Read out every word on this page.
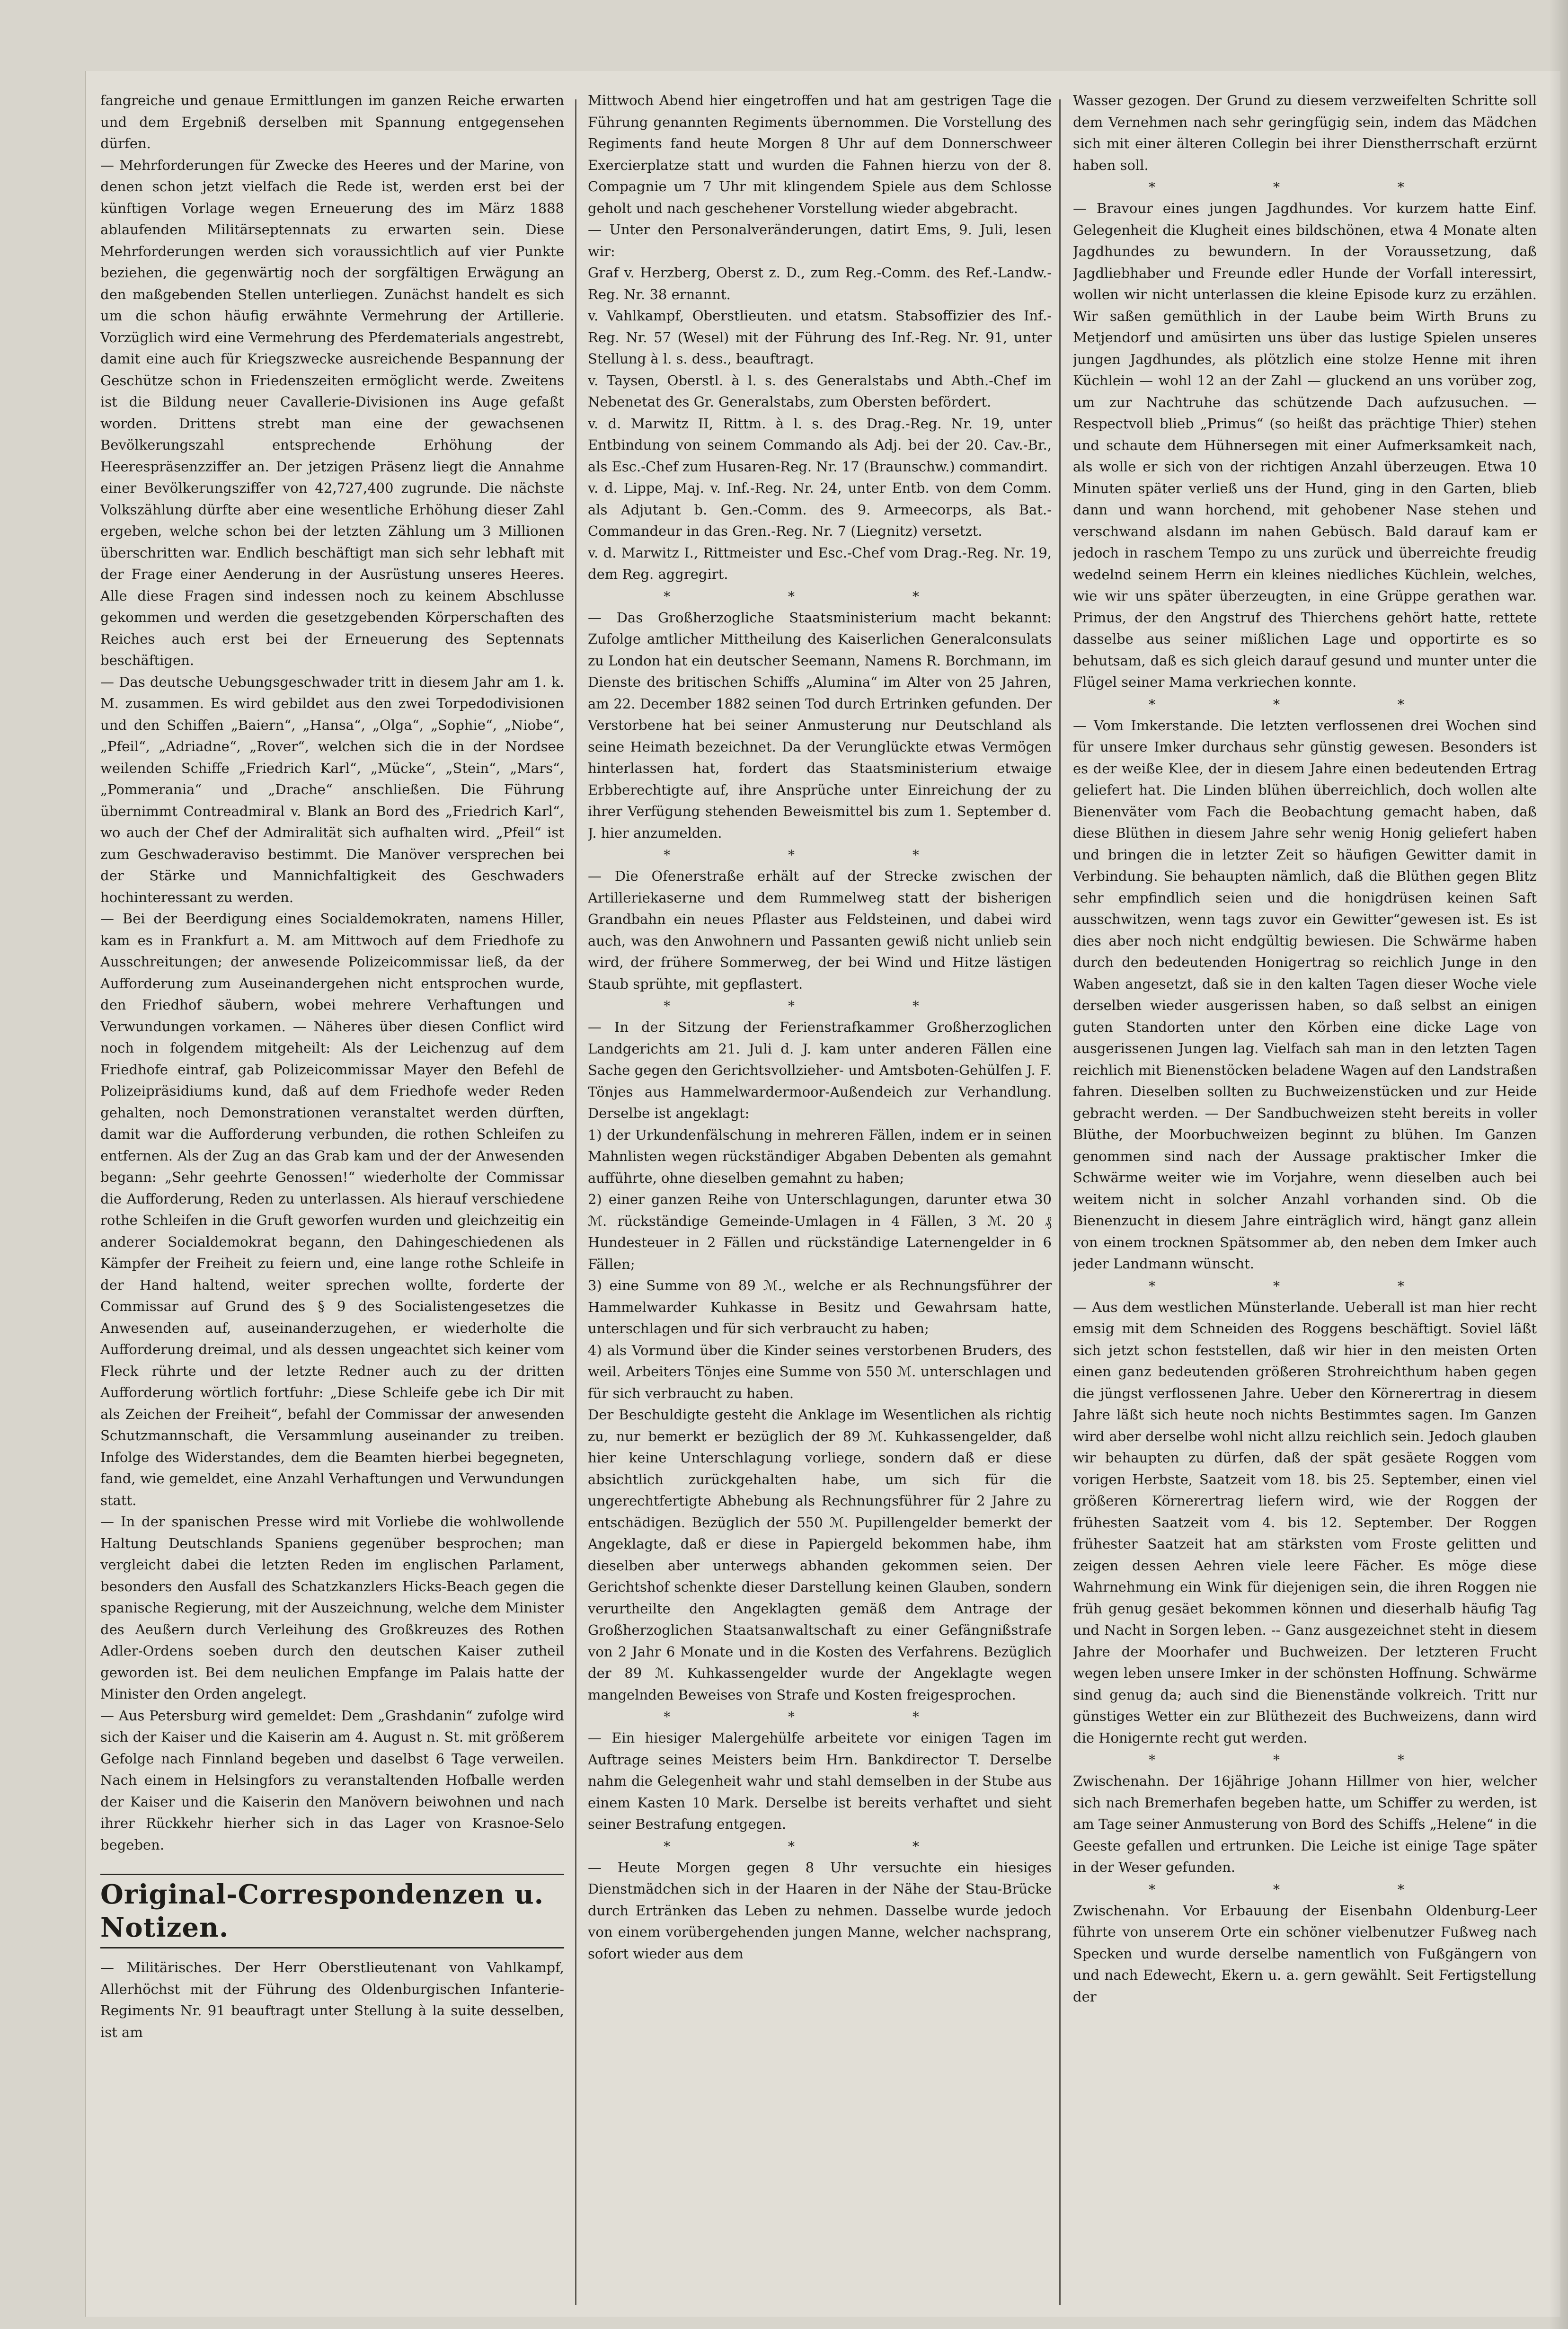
fangreiche und genaue Ermittlungen im ganzen Reiche erwarten und dem Ergebniß derselben mit Spannung entgegensehen dürfen.

— Mehrforderungen für Zwecke des Heeres und der Marine, von denen schon jetzt vielfach die Rede ist, werden erst bei der künftigen Vorlage wegen Erneuerung des im März 1888 ablaufenden Militärseptennats zu erwarten sein. Diese Mehrforderungen werden sich voraussichtlich auf vier Punkte beziehen, die gegenwärtig noch der sorgfältigen Erwägung an den maßgebenden Stellen unterliegen. Zunächst handelt es sich um die schon häufig erwähnte Vermehrung der Artillerie. Vorzüglich wird eine Vermehrung des Pferdematerials angestrebt, damit eine auch für Kriegszwecke ausreichende Bespannung der Geschütze schon in Friedenszeiten ermöglicht werde. Zweitens ist die Bildung neuer Cavallerie-Divisionen ins Auge gefaßt worden. Drittens strebt man eine der gewachsenen Bevölkerungszahl entsprechende Erhöhung der Heerespräsenzziffer an. Der jetzigen Präsenz liegt die Annahme einer Bevölkerungsziffer von 42,727,400 zugrunde. Die nächste Volkszählung dürfte aber eine wesentliche Erhöhung dieser Zahl ergeben, welche schon bei der letzten Zählung um 3 Millionen überschritten war. Endlich beschäftigt man sich sehr lebhaft mit der Frage einer Aenderung in der Ausrüstung unseres Heeres. Alle diese Fragen sind indessen noch zu keinem Abschlusse gekommen und werden die gesetzgebenden Körperschaften des Reiches auch erst bei der Erneuerung des Septennats beschäftigen.

— Das deutsche Uebungsgeschwader tritt in diesem Jahr am 1. k. M. zusammen. Es wird gebildet aus den zwei Torpedodivisionen und den Schiffen „Baiern“, „Hansa“, „Olga“, „Sophie“, „Niobe“, „Pfeil“, „Adriadne“, „Rover“, welchen sich die in der Nordsee weilenden Schiffe „Friedrich Karl“, „Mücke“, „Stein“, „Mars“, „Pommerania“ und „Drache“ anschließen. Die Führung übernimmt Contreadmiral v. Blank an Bord des „Friedrich Karl“, wo auch der Chef der Admiralität sich aufhalten wird. „Pfeil“ ist zum Geschwaderaviso bestimmt. Die Manöver versprechen bei der Stärke und Mannichfaltigkeit des Geschwaders hochinteressant zu werden.

— Bei der Beerdigung eines Socialdemokraten, namens Hiller, kam es in Frankfurt a. M. am Mittwoch auf dem Friedhofe zu Ausschreitungen; der anwesende Polizeicommissar ließ, da der Aufforderung zum Auseinandergehen nicht entsprochen wurde, den Friedhof säubern, wobei mehrere Verhaftungen und Verwundungen vorkamen. — Näheres über diesen Conflict wird noch in folgendem mitgeheilt: Als der Leichenzug auf dem Friedhofe eintraf, gab Polizeicommissar Mayer den Befehl de Polizeipräsidiums kund, daß auf dem Friedhofe weder Reden gehalten, noch Demonstrationen veranstaltet werden dürften, damit war die Aufforderung verbunden, die rothen Schleifen zu entfernen. Als der Zug an das Grab kam und der der Anwesenden begann: „Sehr geehrte Genossen!“ wiederholte der Commissar die Aufforderung, Reden zu unterlassen. Als hierauf verschiedene rothe Schleifen in die Gruft geworfen wurden und gleichzeitig ein anderer Socialdemokrat begann, den Dahingeschiedenen als Kämpfer der Freiheit zu feiern und, eine lange rothe Schleife in der Hand haltend, weiter sprechen wollte, forderte der Commissar auf Grund des § 9 des Socialistengesetzes die Anwesenden auf, auseinanderzugehen, er wiederholte die Aufforderung dreimal, und als dessen ungeachtet sich keiner vom Fleck rührte und der letzte Redner auch zu der dritten Aufforderung wörtlich fortfuhr: „Diese Schleife gebe ich Dir mit als Zeichen der Freiheit“, befahl der Commissar der anwesenden Schutzmannschaft, die Versammlung auseinander zu treiben. Infolge des Widerstandes, dem die Beamten hierbei begegneten, fand, wie gemeldet, eine Anzahl Verhaftungen und Verwundungen statt.

— In der spanischen Presse wird mit Vorliebe die wohlwollende Haltung Deutschlands Spaniens gegenüber besprochen; man vergleicht dabei die letzten Reden im englischen Parlament, besonders den Ausfall des Schatzkanzlers Hicks-Beach gegen die spanische Regierung, mit der Auszeichnung, welche dem Minister des Aeußern durch Verleihung des Großkreuzes des Rothen Adler-Ordens soeben durch den deutschen Kaiser zutheil geworden ist. Bei dem neulichen Empfange im Palais hatte der Minister den Orden angelegt.

— Aus Petersburg wird gemeldet: Dem „Grashdanin“ zufolge wird sich der Kaiser und die Kaiserin am 4. August n. St. mit größerem Gefolge nach Finnland begeben und daselbst 6 Tage verweilen. Nach einem in Helsingfors zu veranstaltenden Hofballe werden der Kaiser und die Kaiserin den Manövern beiwohnen und nach ihrer Rückkehr hierher sich in das Lager von Krasnoe-Selo begeben.

Original-Correspondenzen u. Notizen.

— Militärisches. Der Herr Oberstlieutenant von Vahlkampf, Allerhöchst mit der Führung des Oldenburgischen Infanterie-Regiments Nr. 91 beauftragt unter Stellung à la suite desselben, ist am

Mittwoch Abend hier eingetroffen und hat am gestrigen Tage die Führung genannten Regiments übernommen. Die Vorstellung des Regiments fand heute Morgen 8 Uhr auf dem Donnerschweer Exercierplatze statt und wurden die Fahnen hierzu von der 8. Compagnie um 7 Uhr mit klingendem Spiele aus dem Schlosse geholt und nach geschehener Vorstellung wieder abgebracht.

— Unter den Personalveränderungen, datirt Ems, 9. Juli, lesen wir:

Graf v. Herzberg, Oberst z. D., zum Reg.-Comm. des Ref.-Landw.-Reg. Nr. 38 ernannt.

v. Vahlkampf, Oberstlieuten. und etatsm. Stabsoffizier des Inf.-Reg. Nr. 57 (Wesel) mit der Führung des Inf.-Reg. Nr. 91, unter Stellung à l. s. dess., beauftragt.

v. Taysen, Oberstl. à l. s. des Generalstabs und Abth.-Chef im Nebenetat des Gr. Generalstabs, zum Obersten befördert.

v. d. Marwitz II, Rittm. à l. s. des Drag.-Reg. Nr. 19, unter Entbindung von seinem Commando als Adj. bei der 20. Cav.-Br., als Esc.-Chef zum Husaren-Reg. Nr. 17 (Braunschw.) commandirt.

v. d. Lippe, Maj. v. Inf.-Reg. Nr. 24, unter Entb. von dem Comm. als Adjutant b. Gen.-Comm. des 9. Armeecorps, als Bat.-Commandeur in das Gren.-Reg. Nr. 7 (Liegnitz) versetzt.

v. d. Marwitz I., Rittmeister und Esc.-Chef vom Drag.-Reg. Nr. 19, dem Reg. aggregirt.

* * *

— Das Großherzogliche Staatsministerium macht bekannt: Zufolge amtlicher Mittheilung des Kaiserlichen Generalconsulats zu London hat ein deutscher Seemann, Namens R. Borchmann, im Dienste des britischen Schiffs „Alumina“ im Alter von 25 Jahren, am 22. December 1882 seinen Tod durch Ertrinken gefunden. Der Verstorbene hat bei seiner Anmusterung nur Deutschland als seine Heimath bezeichnet. Da der Verunglückte etwas Vermögen hinterlassen hat, fordert das Staatsministerium etwaige Erbberechtigte auf, ihre Ansprüche unter Einreichung der zu ihrer Verfügung stehenden Beweismittel bis zum 1. September d. J. hier anzumelden.

* * *

— Die Ofenerstraße erhält auf der Strecke zwischen der Artilleriekaserne und dem Rummelweg statt der bisherigen Grandbahn ein neues Pflaster aus Feldsteinen, und dabei wird auch, was den Anwohnern und Passanten gewiß nicht unlieb sein wird, der frühere Sommerweg, der bei Wind und Hitze lästigen Staub sprühte, mit gepflastert.

* * *

— In der Sitzung der Ferienstrafkammer Großherzoglichen Landgerichts am 21. Juli d. J. kam unter anderen Fällen eine Sache gegen den Gerichtsvollzieher- und Amtsboten-Gehülfen J. F. Tönjes aus Hammelwardermoor-Außendeich zur Verhandlung. Derselbe ist angeklagt:

1) der Urkundenfälschung in mehreren Fällen, indem er in seinen Mahnlisten wegen rückständiger Abgaben Debenten als gemahnt aufführte, ohne dieselben gemahnt zu haben;

2) einer ganzen Reihe von Unterschlagungen, darunter etwa 30 ℳ. rückständige Gemeinde-Umlagen in 4 Fällen, 3 ℳ. 20 ₰ Hundesteuer in 2 Fällen und rückständige Laternengelder in 6 Fällen;

3) eine Summe von 89 ℳ., welche er als Rechnungsführer der Hammelwarder Kuhkasse in Besitz und Gewahrsam hatte, unterschlagen und für sich verbraucht zu haben;

4) als Vormund über die Kinder seines verstorbenen Bruders, des weil. Arbeiters Tönjes eine Summe von 550 ℳ. unterschlagen und für sich verbraucht zu haben.

Der Beschuldigte gesteht die Anklage im Wesentlichen als richtig zu, nur bemerkt er bezüglich der 89 ℳ. Kuhkassengelder, daß hier keine Unterschlagung vorliege, sondern daß er diese absichtlich zurückgehalten habe, um sich für die ungerechtfertigte Abhebung als Rechnungsführer für 2 Jahre zu entschädigen. Bezüglich der 550 ℳ. Pupillengelder bemerkt der Angeklagte, daß er diese in Papiergeld bekommen habe, ihm dieselben aber unterwegs abhanden gekommen seien. Der Gerichtshof schenkte dieser Darstellung keinen Glauben, sondern verurtheilte den Angeklagten gemäß dem Antrage der Großherzoglichen Staatsanwaltschaft zu einer Gefängnißstrafe von 2 Jahr 6 Monate und in die Kosten des Verfahrens. Bezüglich der 89 ℳ. Kuhkassengelder wurde der Angeklagte wegen mangelnden Beweises von Strafe und Kosten freigesprochen.

* * *

— Ein hiesiger Malergehülfe arbeitete vor einigen Tagen im Auftrage seines Meisters beim Hrn. Bankdirector T. Derselbe nahm die Gelegenheit wahr und stahl demselben in der Stube aus einem Kasten 10 Mark. Derselbe ist bereits verhaftet und sieht seiner Bestrafung entgegen.

* * *

— Heute Morgen gegen 8 Uhr versuchte ein hiesiges Dienstmädchen sich in der Haaren in der Nähe der Stau-Brücke durch Ertränken das Leben zu nehmen. Dasselbe wurde jedoch von einem vorübergehenden jungen Manne, welcher nachsprang, sofort wieder aus dem

Wasser gezogen. Der Grund zu diesem verzweifelten Schritte soll dem Vernehmen nach sehr geringfügig sein, indem das Mädchen sich mit einer älteren Collegin bei ihrer Dienstherrschaft erzürnt haben soll.

* * *

— Bravour eines jungen Jagdhundes. Vor kurzem hatte Einf. Gelegenheit die Klugheit eines bildschönen, etwa 4 Monate alten Jagdhundes zu bewundern. In der Voraussetzung, daß Jagdliebhaber und Freunde edler Hunde der Vorfall interessirt, wollen wir nicht unterlassen die kleine Episode kurz zu erzählen. Wir saßen gemüthlich in der Laube beim Wirth Bruns zu Metjendorf und amüsirten uns über das lustige Spielen unseres jungen Jagdhundes, als plötzlich eine stolze Henne mit ihren Küchlein — wohl 12 an der Zahl — gluckend an uns vorüber zog, um zur Nachtruhe das schützende Dach aufzusuchen. — Respectvoll blieb „Primus“ (so heißt das prächtige Thier) stehen und schaute dem Hühnersegen mit einer Aufmerksamkeit nach, als wolle er sich von der richtigen Anzahl überzeugen. Etwa 10 Minuten später verließ uns der Hund, ging in den Garten, blieb dann und wann horchend, mit gehobener Nase stehen und verschwand alsdann im nahen Gebüsch. Bald darauf kam er jedoch in raschem Tempo zu uns zurück und überreichte freudig wedelnd seinem Herrn ein kleines niedliches Küchlein, welches, wie wir uns später überzeugten, in eine Grüppe gerathen war. Primus, der den Angstruf des Thierchens gehört hatte, rettete dasselbe aus seiner mißlichen Lage und opportirte es so behutsam, daß es sich gleich darauf gesund und munter unter die Flügel seiner Mama verkriechen konnte.

* * *

— Vom Imkerstande. Die letzten verflossenen drei Wochen sind für unsere Imker durchaus sehr günstig gewesen. Besonders ist es der weiße Klee, der in diesem Jahre einen bedeutenden Ertrag geliefert hat. Die Linden blühen überreichlich, doch wollen alte Bienenväter vom Fach die Beobachtung gemacht haben, daß diese Blüthen in diesem Jahre sehr wenig Honig geliefert haben und bringen die in letzter Zeit so häufigen Gewitter damit in Verbindung. Sie behaupten nämlich, daß die Blüthen gegen Blitz sehr empfindlich seien und die honigdrüsen keinen Saft ausschwitzen, wenn tags zuvor ein Gewitter“gewesen ist. Es ist dies aber noch nicht endgültig bewiesen. Die Schwärme haben durch den bedeutenden Honigertrag so reichlich Junge in den Waben angesetzt, daß sie in den kalten Tagen dieser Woche viele derselben wieder ausgerissen haben, so daß selbst an einigen guten Standorten unter den Körben eine dicke Lage von ausgerissenen Jungen lag. Vielfach sah man in den letzten Tagen reichlich mit Bienenstöcken beladene Wagen auf den Landstraßen fahren. Dieselben sollten zu Buchweizenstücken und zur Heide gebracht werden. — Der Sandbuchweizen steht bereits in voller Blüthe, der Moorbuchweizen beginnt zu blühen. Im Ganzen genommen sind nach der Aussage praktischer Imker die Schwärme weiter wie im Vorjahre, wenn dieselben auch bei weitem nicht in solcher Anzahl vorhanden sind. Ob die Bienenzucht in diesem Jahre einträglich wird, hängt ganz allein von einem trocknen Spätsommer ab, den neben dem Imker auch jeder Landmann wünscht.

* * *

— Aus dem westlichen Münsterlande. Ueberall ist man hier recht emsig mit dem Schneiden des Roggens beschäftigt. Soviel läßt sich jetzt schon feststellen, daß wir hier in den meisten Orten einen ganz bedeutenden größeren Strohreichthum haben gegen die jüngst verflossenen Jahre. Ueber den Körnerertrag in diesem Jahre läßt sich heute noch nichts Bestimmtes sagen. Im Ganzen wird aber derselbe wohl nicht allzu reichlich sein. Jedoch glauben wir behaupten zu dürfen, daß der spät gesäete Roggen vom vorigen Herbste, Saatzeit vom 18. bis 25. September, einen viel größeren Körnerertrag liefern wird, wie der Roggen der frühesten Saatzeit vom 4. bis 12. September. Der Roggen frühester Saatzeit hat am stärksten vom Froste gelitten und zeigen dessen Aehren viele leere Fächer. Es möge diese Wahrnehmung ein Wink für diejenigen sein, die ihren Roggen nie früh genug gesäet bekommen können und dieserhalb häufig Tag und Nacht in Sorgen leben. -- Ganz ausgezeichnet steht in diesem Jahre der Moorhafer und Buchweizen. Der letzteren Frucht wegen leben unsere Imker in der schönsten Hoffnung. Schwärme sind genug da; auch sind die Bienenstände volkreich. Tritt nur günstiges Wetter ein zur Blüthezeit des Buchweizens, dann wird die Honigernte recht gut werden.

* * *

Zwischenahn. Der 16jährige Johann Hillmer von hier, welcher sich nach Bremerhafen begeben hatte, um Schiffer zu werden, ist am Tage seiner Anmusterung von Bord des Schiffs „Helene“ in die Geeste gefallen und ertrunken. Die Leiche ist einige Tage später in der Weser gefunden.

* * *

Zwischenahn. Vor Erbauung der Eisenbahn Oldenburg-Leer führte von unserem Orte ein schöner vielbenutzer Fußweg nach Specken und wurde derselbe namentlich von Fußgängern von und nach Edewecht, Ekern u. a. gern gewählt. Seit Fertigstellung der
